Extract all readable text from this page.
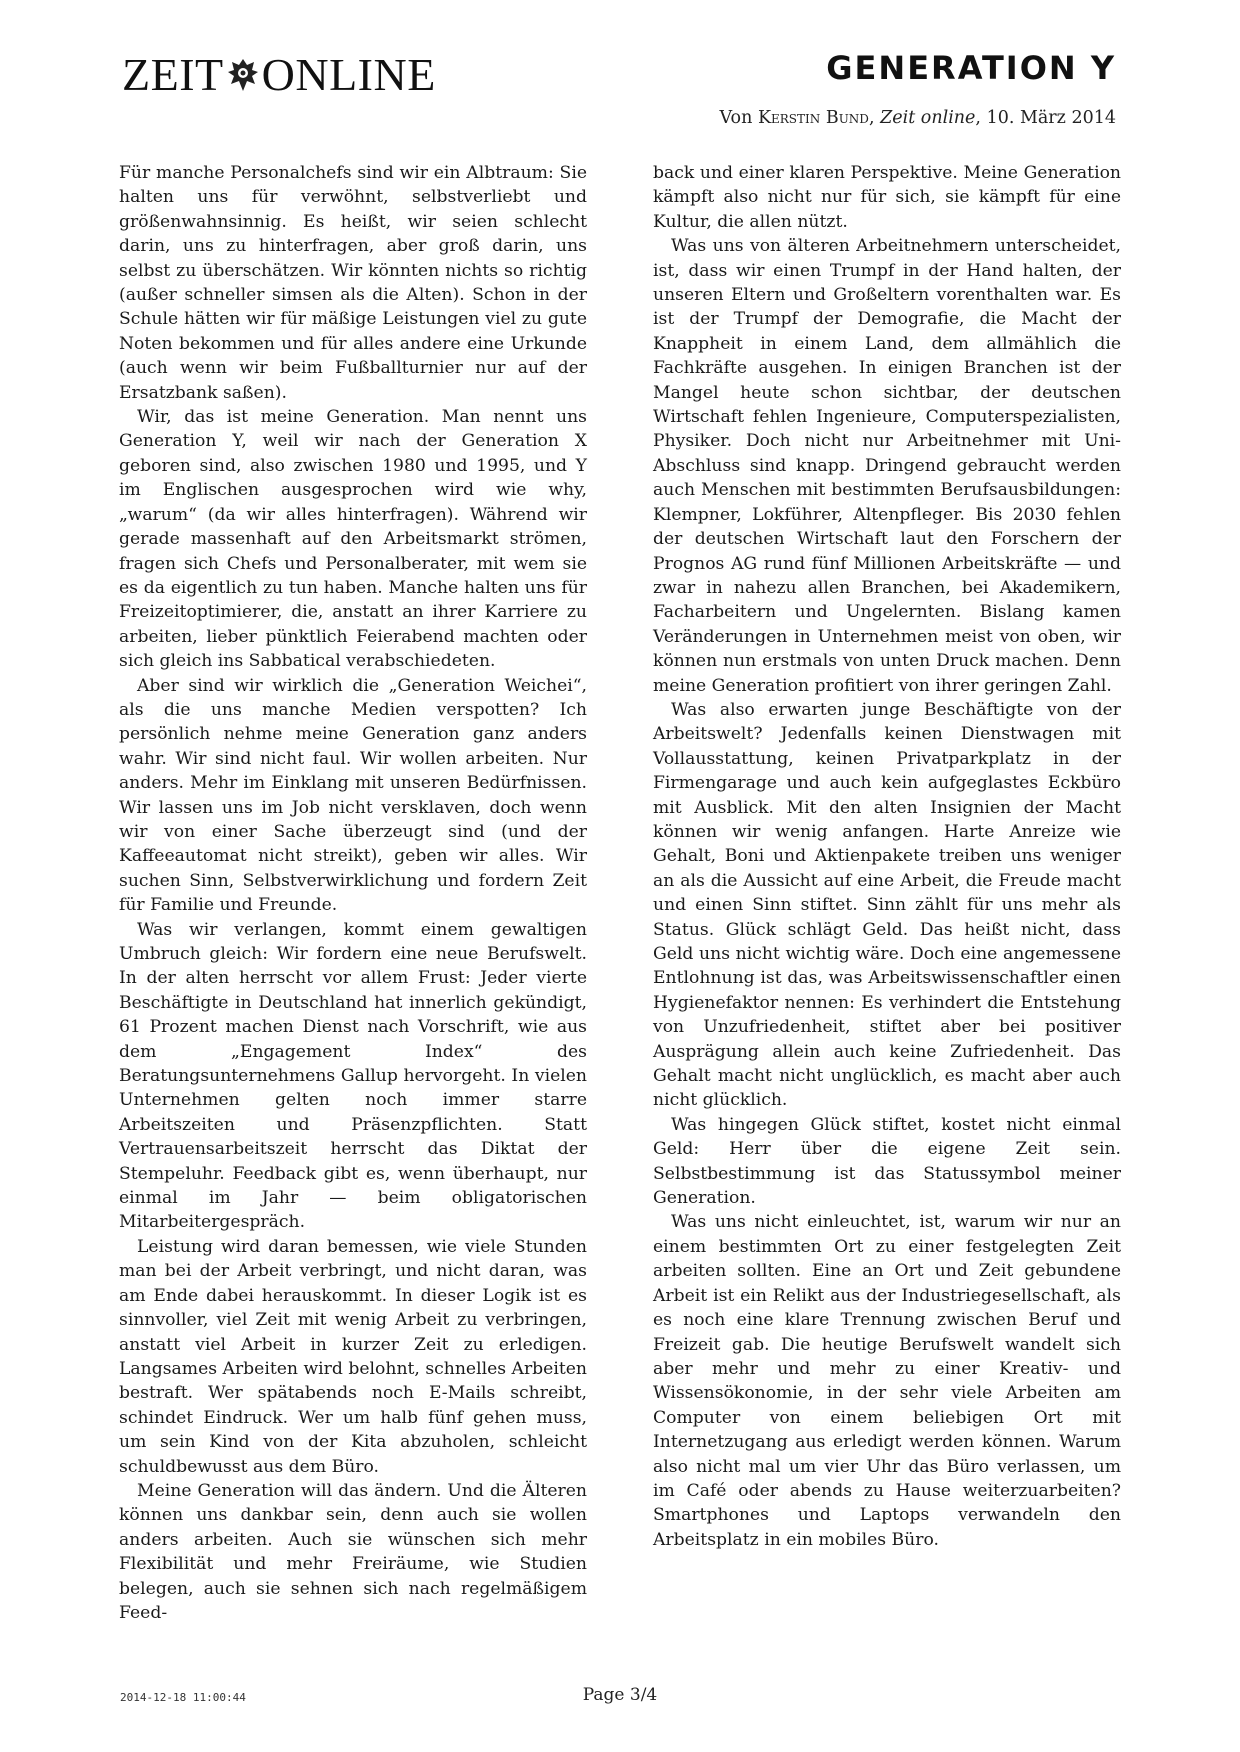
ZEIT ONLINE	GENERATION Y
Von Kerstin Bund, Zeit online, 10. März 2014

Für manche Personalchefs sind wir ein Albtraum: Sie halten uns für verwöhnt, selbstverliebt und größenwahnsinnig. Es heißt, wir seien schlecht darin, uns zu hinterfragen, aber groß darin, uns selbst zu überschätzen. Wir könnten nichts so richtig (außer schneller simsen als die Alten). Schon in der Schule hätten wir für mäßige Leistungen viel zu gute Noten bekommen und für alles andere eine Urkunde (auch wenn wir beim Fußballturnier nur auf der Ersatzbank saßen).

Wir, das ist meine Generation. Man nennt uns Generation Y, weil wir nach der Generation X geboren sind, also zwischen 1980 und 1995, und Y im Englischen ausgesprochen wird wie why, „warum“ (da wir alles hinterfragen). Während wir gerade massenhaft auf den Arbeitsmarkt strömen, fragen sich Chefs und Personalberater, mit wem sie es da eigentlich zu tun haben. Manche halten uns für Freizeitoptimierer, die, anstatt an ihrer Karriere zu arbeiten, lieber pünktlich Feierabend machten oder sich gleich ins Sabbatical verabschiedeten.

Aber sind wir wirklich die „Generation Weichei“, als die uns manche Medien verspotten? Ich persönlich nehme meine Generation ganz anders wahr. Wir sind nicht faul. Wir wollen arbeiten. Nur anders. Mehr im Einklang mit unseren Bedürfnissen. Wir lassen uns im Job nicht versklaven, doch wenn wir von einer Sache überzeugt sind (und der Kaffeeautomat nicht streikt), geben wir alles. Wir suchen Sinn, Selbstverwirklichung und fordern Zeit für Familie und Freunde.

Was wir verlangen, kommt einem gewaltigen Umbruch gleich: Wir fordern eine neue Berufswelt. In der alten herrscht vor allem Frust: Jeder vierte Beschäftigte in Deutschland hat innerlich gekündigt, 61 Prozent machen Dienst nach Vorschrift, wie aus dem „Engagement Index“ des Beratungsunternehmens Gallup hervorgeht. In vielen Unternehmen gelten noch immer starre Arbeitszeiten und Präsenzpflichten. Statt Vertrauensarbeitszeit herrscht das Diktat der Stempeluhr. Feedback gibt es, wenn überhaupt, nur einmal im Jahr — beim obligatorischen Mitarbeitergespräch.

Leistung wird daran bemessen, wie viele Stunden man bei der Arbeit verbringt, und nicht daran, was am Ende dabei herauskommt. In dieser Logik ist es sinnvoller, viel Zeit mit wenig Arbeit zu verbringen, anstatt viel Arbeit in kurzer Zeit zu erledigen. Langsames Arbeiten wird belohnt, schnelles Arbeiten bestraft. Wer spätabends noch E-Mails schreibt, schindet Eindruck. Wer um halb fünf gehen muss, um sein Kind von der Kita abzuholen, schleicht schuldbewusst aus dem Büro.

Meine Generation will das ändern. Und die Älteren können uns dankbar sein, denn auch sie wollen anders arbeiten. Auch sie wünschen sich mehr Flexibilität und mehr Freiräume, wie Studien belegen, auch sie sehnen sich nach regelmäßigem Feed-

back und einer klaren Perspektive. Meine Generation kämpft also nicht nur für sich, sie kämpft für eine Kultur, die allen nützt.

Was uns von älteren Arbeitnehmern unterscheidet, ist, dass wir einen Trumpf in der Hand halten, der unseren Eltern und Großeltern vorenthalten war. Es ist der Trumpf der Demografie, die Macht der Knappheit in einem Land, dem allmählich die Fachkräfte ausgehen. In einigen Branchen ist der Mangel heute schon sichtbar, der deutschen Wirtschaft fehlen Ingenieure, Computerspezialisten, Physiker. Doch nicht nur Arbeitnehmer mit Uni-Abschluss sind knapp. Dringend gebraucht werden auch Menschen mit bestimmten Berufsausbildungen: Klempner, Lokführer, Altenpfleger. Bis 2030 fehlen der deutschen Wirtschaft laut den Forschern der Prognos AG rund fünf Millionen Arbeitskräfte — und zwar in nahezu allen Branchen, bei Akademikern, Facharbeitern und Ungelernten. Bislang kamen Veränderungen in Unternehmen meist von oben, wir können nun erstmals von unten Druck machen. Denn meine Generation profitiert von ihrer geringen Zahl.

Was also erwarten junge Beschäftigte von der Arbeitswelt? Jedenfalls keinen Dienstwagen mit Vollausstattung, keinen Privatparkplatz in der Firmengarage und auch kein aufgeglastes Eckbüro mit Ausblick. Mit den alten Insignien der Macht können wir wenig anfangen. Harte Anreize wie Gehalt, Boni und Aktienpakete treiben uns weniger an als die Aussicht auf eine Arbeit, die Freude macht und einen Sinn stiftet. Sinn zählt für uns mehr als Status. Glück schlägt Geld. Das heißt nicht, dass Geld uns nicht wichtig wäre. Doch eine angemessene Entlohnung ist das, was Arbeitswissenschaftler einen Hygienefaktor nennen: Es verhindert die Entstehung von Unzufriedenheit, stiftet aber bei positiver Ausprägung allein auch keine Zufriedenheit. Das Gehalt macht nicht unglücklich, es macht aber auch nicht glücklich.

Was hingegen Glück stiftet, kostet nicht einmal Geld: Herr über die eigene Zeit sein. Selbstbestimmung ist das Statussymbol meiner Generation.

Was uns nicht einleuchtet, ist, warum wir nur an einem bestimmten Ort zu einer festgelegten Zeit arbeiten sollten. Eine an Ort und Zeit gebundene Arbeit ist ein Relikt aus der Industriegesellschaft, als es noch eine klare Trennung zwischen Beruf und Freizeit gab. Die heutige Berufswelt wandelt sich aber mehr und mehr zu einer Kreativ- und Wissensökonomie, in der sehr viele Arbeiten am Computer von einem beliebigen Ort mit Internetzugang aus erledigt werden können. Warum also nicht mal um vier Uhr das Büro verlassen, um im Café oder abends zu Hause weiterzuarbeiten? Smartphones und Laptops verwandeln den Arbeitsplatz in ein mobiles Büro.

2014-12-18 11:00:44	Page 3/4
